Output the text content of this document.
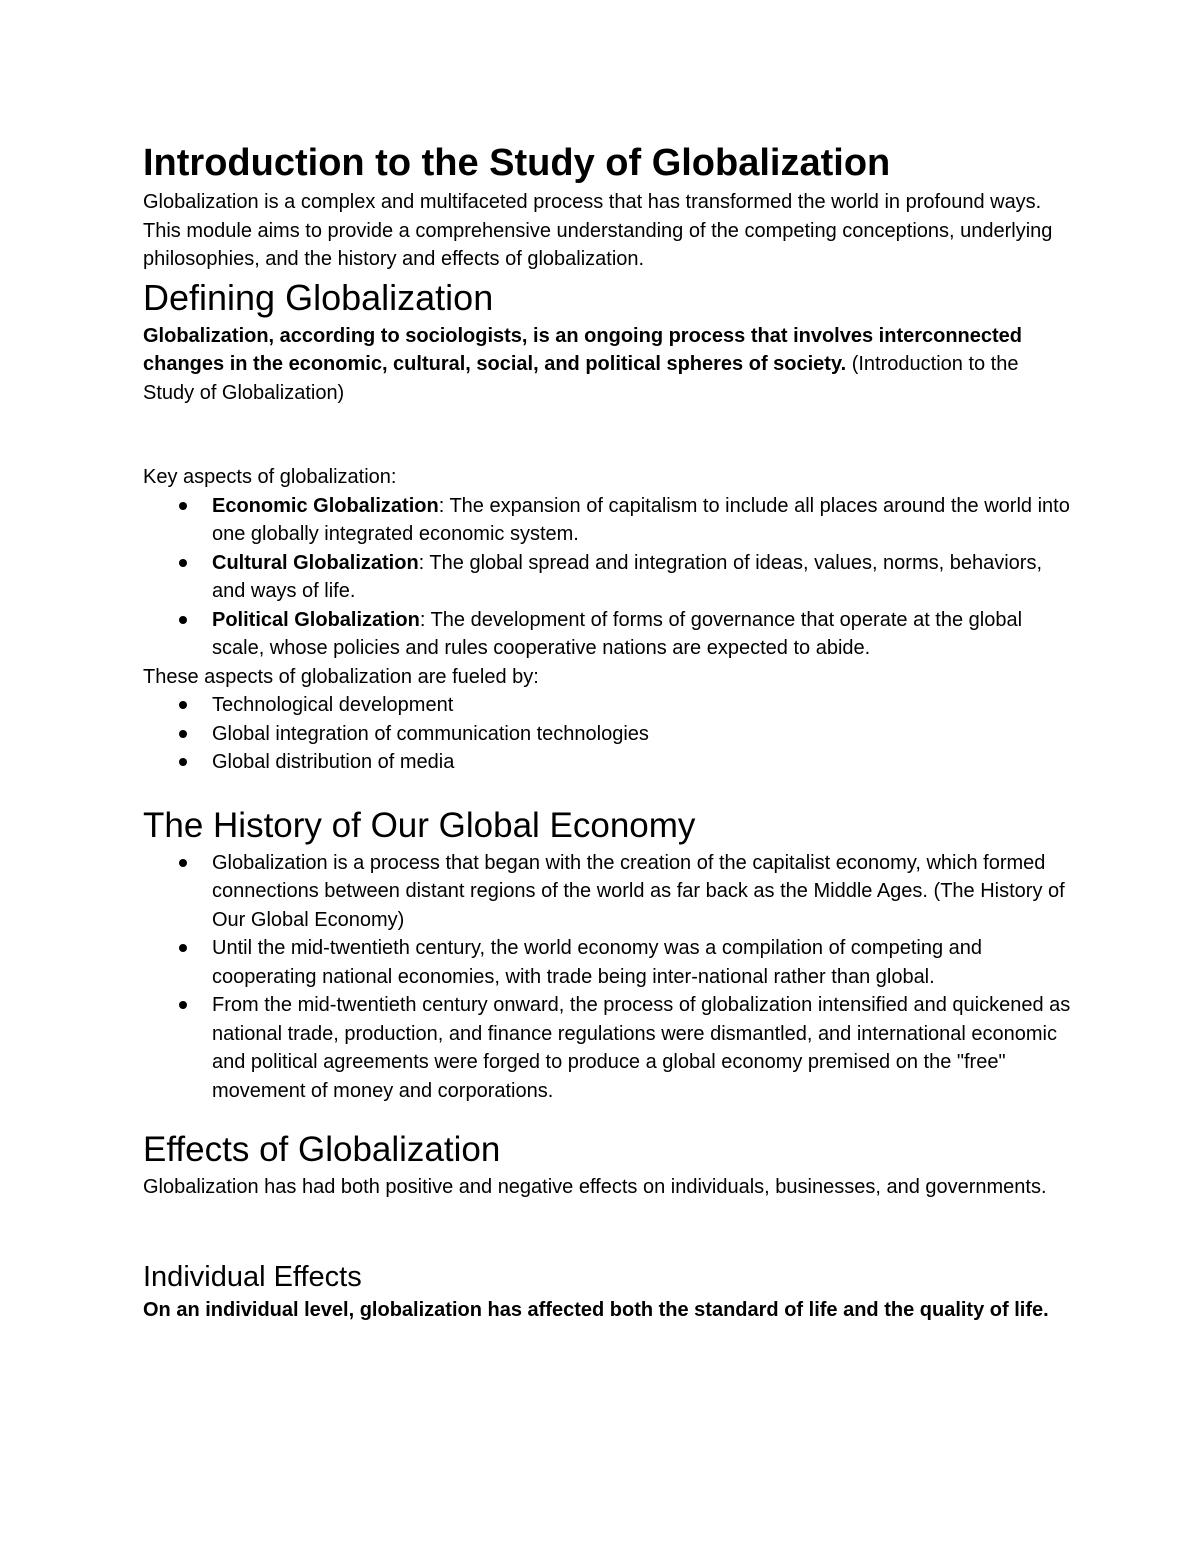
Introduction to the Study of Globalization

Globalization is a complex and multifaceted process that has transformed the world in profound ways. This module aims to provide a comprehensive understanding of the competing conceptions, underlying philosophies, and the history and effects of globalization.

Defining Globalization

Globalization, according to sociologists, is an ongoing process that involves interconnected changes in the economic, cultural, social, and political spheres of society. (Introduction to the Study of Globalization)

Key aspects of globalization:

Economic Globalization: The expansion of capitalism to include all places around the world into one globally integrated economic system.
Cultural Globalization: The global spread and integration of ideas, values, norms, behaviors, and ways of life.
Political Globalization: The development of forms of governance that operate at the global scale, whose policies and rules cooperative nations are expected to abide.

These aspects of globalization are fueled by:

Technological development
Global integration of communication technologies
Global distribution of media
The History of Our Global Economy
Globalization is a process that began with the creation of the capitalist economy, which formed connections between distant regions of the world as far back as the Middle Ages. (The History of Our Global Economy)
Until the mid-twentieth century, the world economy was a compilation of competing and cooperating national economies, with trade being inter-national rather than global.
From the mid-twentieth century onward, the process of globalization intensified and quickened as national trade, production, and finance regulations were dismantled, and international economic and political agreements were forged to produce a global economy premised on the "free" movement of money and corporations.
Effects of Globalization

Globalization has had both positive and negative effects on individuals, businesses, and governments.

Individual Effects

On an individual level, globalization has affected both the standard of life and the quality of life.
